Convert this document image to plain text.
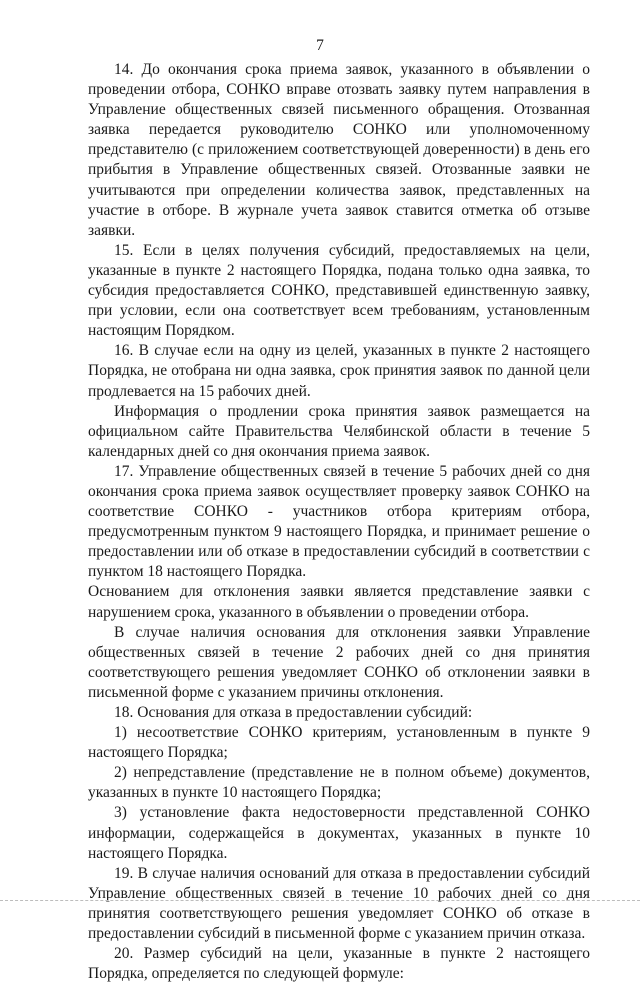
7

14. До окончания срока приема заявок, указанного в объявлении о проведении отбора, СОНКО вправе отозвать заявку путем направления в Управление общественных связей письменного обращения. Отозванная заявка передается руководителю СОНКО или уполномоченному представителю (с приложением соответствующей доверенности) в день его прибытия в Управление общественных связей. Отозванные заявки не учитываются при определении количества заявок, представленных на участие в отборе. В журнале учета заявок ставится отметка об отзыве заявки.

15. Если в целях получения субсидий, предоставляемых на цели, указанные в пункте 2 настоящего Порядка, подана только одна заявка, то субсидия предоставляется СОНКО, представившей единственную заявку, при условии, если она соответствует всем требованиям, установленным настоящим Порядком.

16. В случае если на одну из целей, указанных в пункте 2 настоящего Порядка, не отобрана ни одна заявка, срок принятия заявок по данной цели продлевается на 15 рабочих дней.

Информация о продлении срока принятия заявок размещается на официальном сайте Правительства Челябинской области в течение 5 календарных дней со дня окончания приема заявок.

17. Управление общественных связей в течение 5 рабочих дней со дня окончания срока приема заявок осуществляет проверку заявок СОНКО на соответствие СОНКО - участников отбора критериям отбора, предусмотренным пунктом 9 настоящего Порядка, и принимает решение о предоставлении или об отказе в предоставлении субсидий в соответствии с пунктом 18 настоящего Порядка.

Основанием для отклонения заявки является представление заявки с нарушением срока, указанного в объявлении о проведении отбора.

В случае наличия основания для отклонения заявки Управление общественных связей в течение 2 рабочих дней со дня принятия соответствующего решения уведомляет СОНКО об отклонении заявки в письменной форме с указанием причины отклонения.

18. Основания для отказа в предоставлении субсидий:

1) несоответствие СОНКО критериям, установленным в пункте 9 настоящего Порядка;

2) непредставление (представление не в полном объеме) документов, указанных в пункте 10 настоящего Порядка;

3) установление факта недостоверности представленной СОНКО информации, содержащейся в документах, указанных в пункте 10 настоящего Порядка.

19. В случае наличия оснований для отказа в предоставлении субсидий Управление общественных связей в течение 10 рабочих дней со дня принятия соответствующего решения уведомляет СОНКО об отказе в предоставлении субсидий в письменной форме с указанием причин отказа.

20. Размер субсидий на цели, указанные в пункте 2 настоящего Порядка, определяется по следующей формуле:
